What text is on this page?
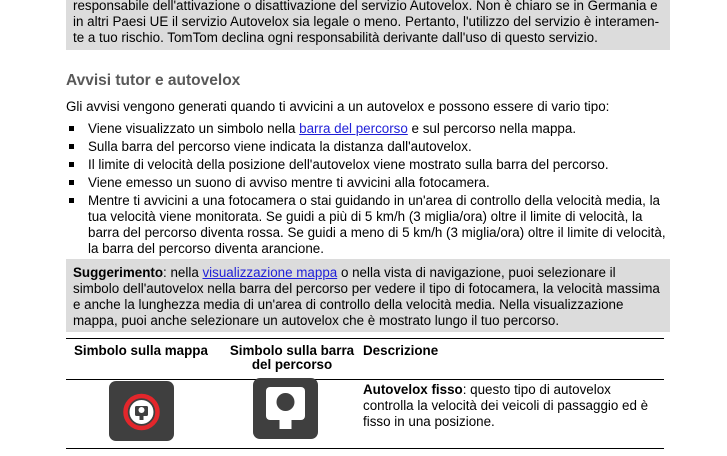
responsabile dell'attivazione o disattivazione del servizio Autovelox. Non è chiaro se in Germania e

in altri Paesi UE il servizio Autovelox sia legale o meno. Pertanto, l'utilizzo del servizio è interamen-

te a tuo rischio. TomTom declina ogni responsabilità derivante dall'uso di questo servizio.

Avvisi tutor e autovelox

Gli avvisi vengono generati quando ti avvicini a un autovelox e possono essere di vario tipo:

Viene visualizzato un simbolo nella barra del percorso e sul percorso nella mappa.
Sulla barra del percorso viene indicata la distanza dall'autovelox.
Il limite di velocità della posizione dell'autovelox viene mostrato sulla barra del percorso.
Viene emesso un suono di avviso mentre ti avvicini alla fotocamera.
Mentre ti avvicini a una fotocamera o stai guidando in un'area di controllo della velocità media, la tua velocità viene monitorata. Se guidi a più di 5 km/h (3 miglia/ora) oltre il limite di velocità, la barra del percorso diventa rossa. Se guidi a meno di 5 km/h (3 miglia/ora) oltre il limite di velocità, la barra del percorso diventa arancione.

Suggerimento: nella visualizzazione mappa o nella vista di navigazione, puoi selezionare il simbolo dell'autovelox nella barra del percorso per vedere il tipo di fotocamera, la velocità massima e anche la lunghezza media di un'area di controllo della velocità media. Nella visualizzazione mappa, puoi anche selezionare un autovelox che è mostrato lungo il tuo percorso.

Simbolo sulla mappa	Simbolo sulla barra del percorso
Descrizione
Autovelox fisso: questo tipo di autovelox controlla la velocità dei veicoli di passaggio ed è fisso in una posizione.
